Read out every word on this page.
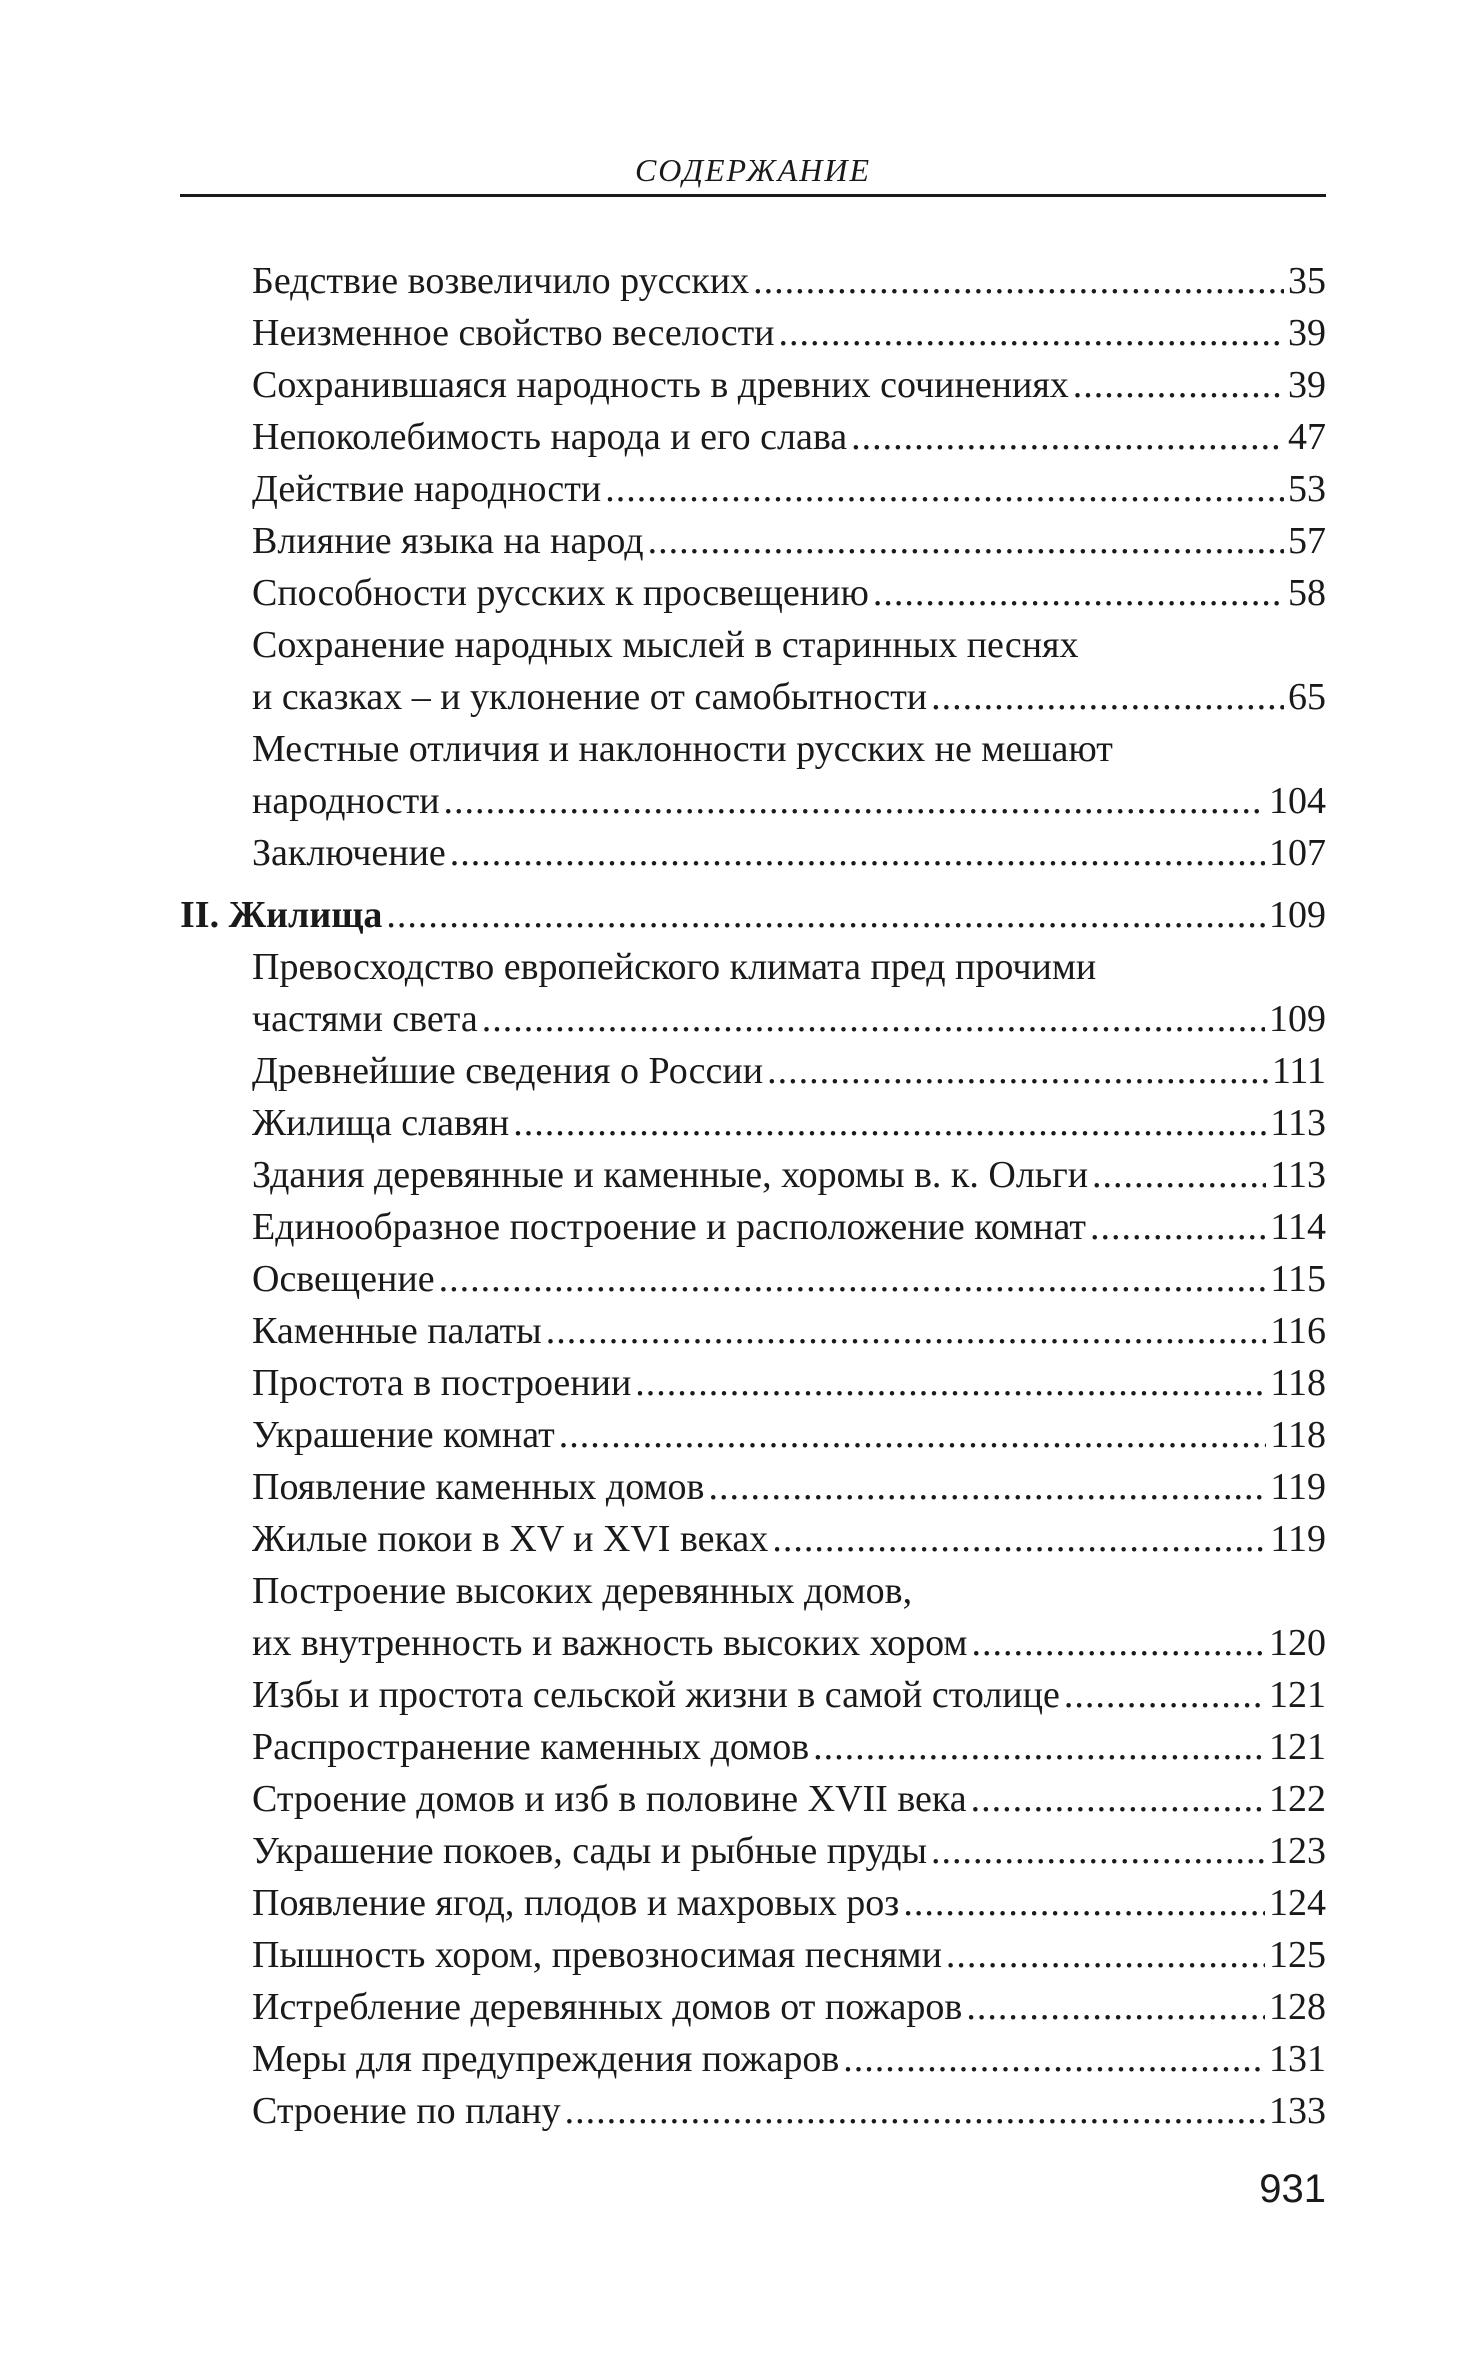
СОДЕРЖАНИЕ
Бедствие возвеличило русских .....	35
Неизменное свойство веселости .....	39
Сохранившаяся народность в древних сочинениях .....	39
Непоколебимость народа и его слава .....	47
Действие народности .....	53
Влияние языка на народ .....	57
Способности русских к просвещению .....	58
Сохранение народных мыслей в старинных песнях
и сказках – и уклонение от самобытности .....	65
Местные отличия и наклонности русских не мешают
народности .....	104
Заключение .....	107
II. Жилища .....	109
Превосходство европейского климата пред прочими
частями света .....	109
Древнейшие сведения о России .....	111
Жилища славян .....	113
Здания деревянные и каменные, хоромы в. к. Ольги .....	113
Единообразное построение и расположение комнат .....	114
Освещение .....	115
Каменные палаты .....	116
Простота в построении .....	118
Украшение комнат .....	118
Появление каменных домов .....	119
Жилые покои в XV и XVI веках .....	119
Построение высоких деревянных домов,
их внутренность и важность высоких хором .....	120
Избы и простота сельской жизни в самой столице .....	121
Распространение каменных домов .....	121
Строение домов и изб в половине XVII века .....	122
Украшение покоев, сады и рыбные пруды .....	123
Появление ягод, плодов и махровых роз .....	124
Пышность хором, превозносимая песнями .....	125
Истребление деревянных домов от пожаров .....	128
Меры для предупреждения пожаров .....	131
Строение по плану .....	133
931
